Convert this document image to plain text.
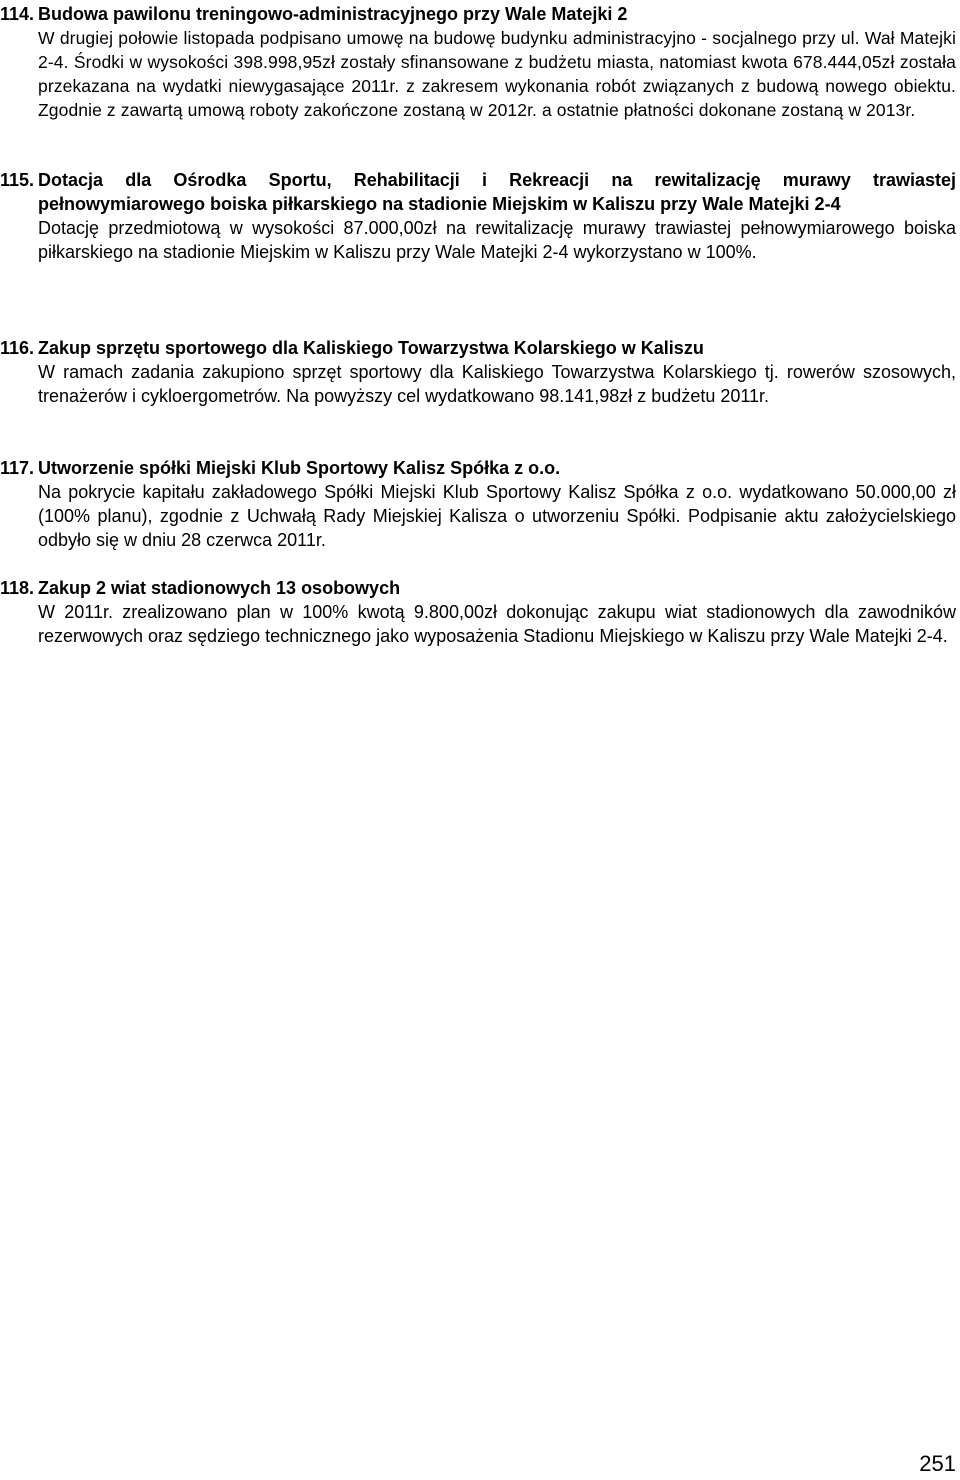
114. Budowa pawilonu treningowo-administracyjnego przy Wale Matejki 2
W drugiej połowie listopada podpisano umowę na budowę budynku administracyjno - socjalnego przy ul. Wał Matejki 2-4. Środki w wysokości 398.998,95zł zostały sfinansowane z budżetu miasta, natomiast kwota 678.444,05zł została przekazana na wydatki niewygasające 2011r. z zakresem wykonania robót związanych z budową nowego obiektu. Zgodnie z zawartą umową roboty zakończone zostaną w 2012r. a ostatnie płatności dokonane zostaną w 2013r.
115. Dotacja dla Ośrodka Sportu, Rehabilitacji i Rekreacji na rewitalizację murawy trawiastej pełnowymiarowego boiska piłkarskiego na stadionie Miejskim w Kaliszu przy Wale Matejki 2-4
Dotację przedmiotową w wysokości 87.000,00zł na rewitalizację murawy trawiastej pełnowymiarowego boiska piłkarskiego na stadionie Miejskim w Kaliszu przy Wale Matejki 2-4 wykorzystano w 100%.
116. Zakup sprzętu sportowego dla Kaliskiego Towarzystwa Kolarskiego w Kaliszu
W ramach zadania zakupiono sprzęt sportowy dla Kaliskiego Towarzystwa Kolarskiego tj. rowerów szosowych, trenażerów i cykloergometrów. Na powyższy cel wydatkowano 98.141,98zł z budżetu 2011r.
117. Utworzenie spółki Miejski Klub Sportowy Kalisz Spółka z o.o.
Na pokrycie kapitału zakładowego Spółki Miejski Klub Sportowy Kalisz Spółka z o.o. wydatkowano 50.000,00 zł (100% planu), zgodnie z Uchwałą Rady Miejskiej Kalisza o utworzeniu Spółki. Podpisanie aktu założycielskiego odbyło się w dniu 28 czerwca 2011r.
118. Zakup 2 wiat stadionowych 13 osobowych
W 2011r. zrealizowano plan w 100% kwotą 9.800,00zł dokonując zakupu wiat stadionowych dla zawodników rezerwowych oraz sędziego technicznego jako wyposażenia Stadionu Miejskiego w Kaliszu przy Wale Matejki 2-4.
251
